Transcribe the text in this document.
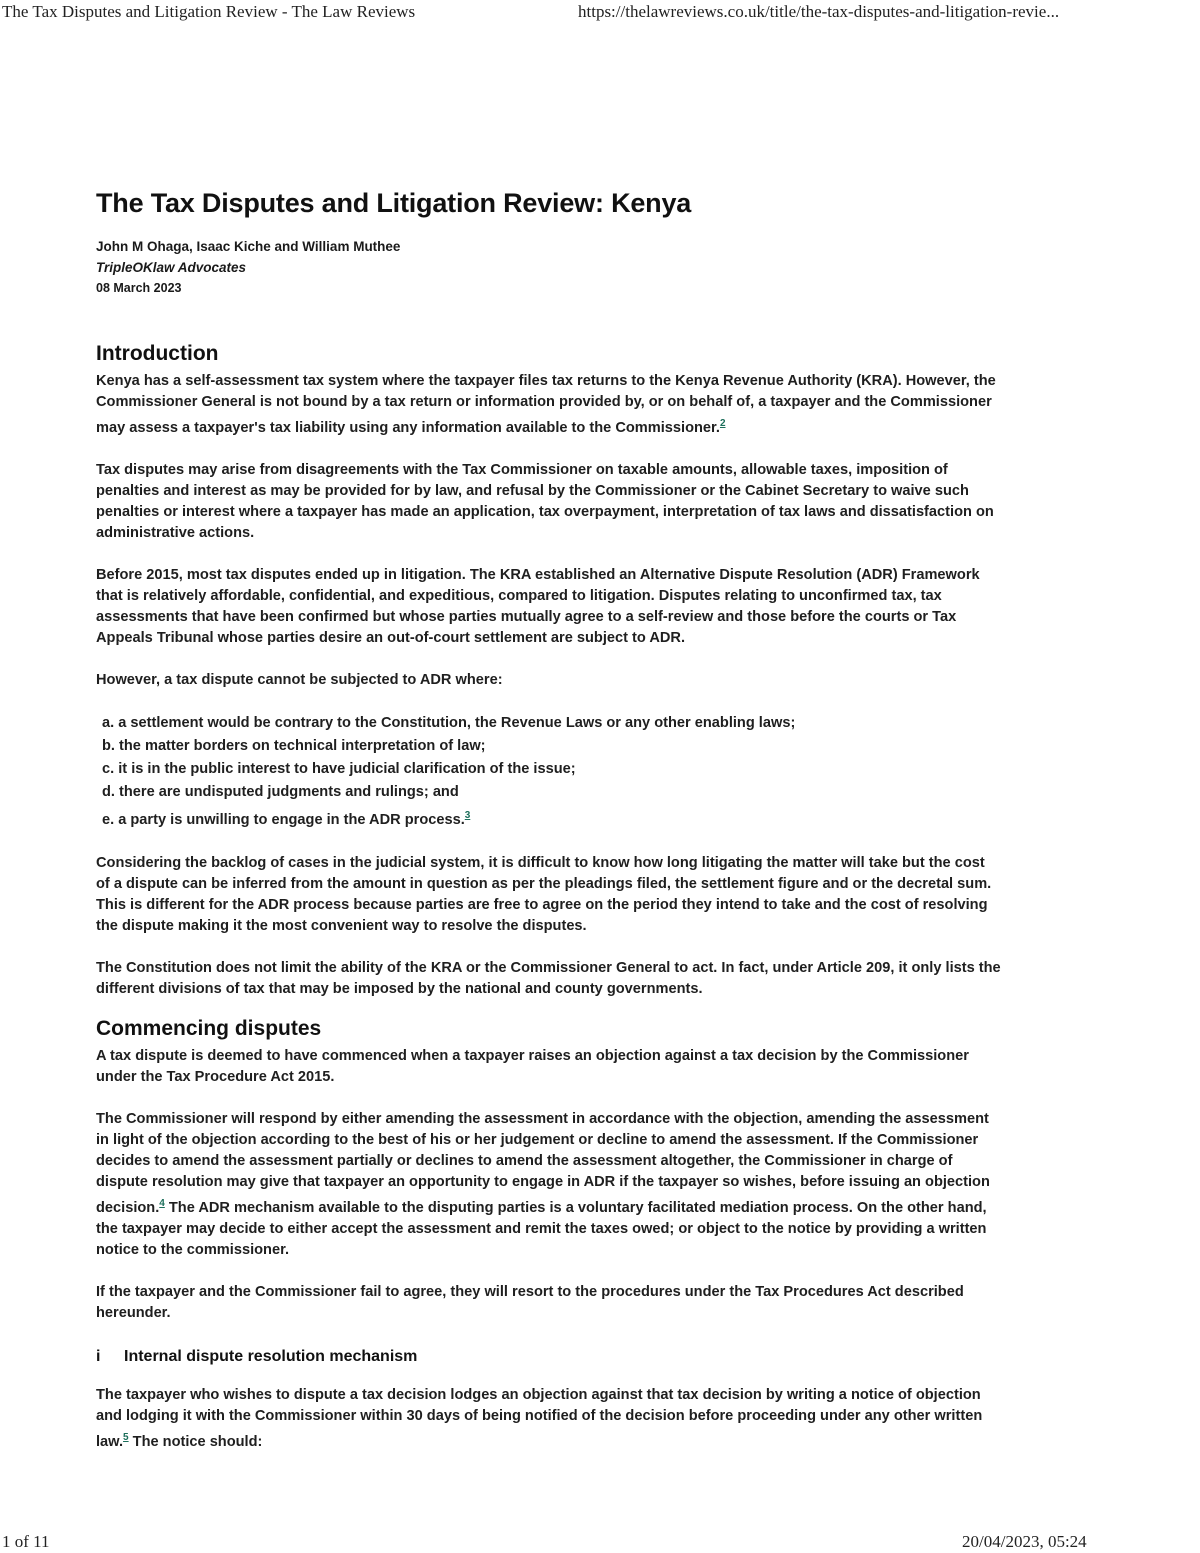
The Tax Disputes and Litigation Review - The Law Reviews	https://thelawreviews.co.uk/title/the-tax-disputes-and-litigation-revie...
The Tax Disputes and Litigation Review: Kenya
John M Ohaga, Isaac Kiche and William Muthee
TripleOKlaw Advocates
08 March 2023
Introduction

Kenya has a self-assessment tax system where the taxpayer files tax returns to the Kenya Revenue Authority (KRA). However, the Commissioner General is not bound by a tax return or information provided by, or on behalf of, a taxpayer and the Commissioner may assess a taxpayer's tax liability using any information available to the Commissioner.$^2$

Tax disputes may arise from disagreements with the Tax Commissioner on taxable amounts, allowable taxes, imposition of penalties and interest as may be provided for by law, and refusal by the Commissioner or the Cabinet Secretary to waive such penalties or interest where a taxpayer has made an application, tax overpayment, interpretation of tax laws and dissatisfaction on administrative actions.

Before 2015, most tax disputes ended up in litigation. The KRA established an Alternative Dispute Resolution (ADR) Framework that is relatively affordable, confidential, and expeditious, compared to litigation. Disputes relating to unconfirmed tax, tax assessments that have been confirmed but whose parties mutually agree to a self-review and those before the courts or Tax Appeals Tribunal whose parties desire an out-of-court settlement are subject to ADR.

However, a tax dispute cannot be subjected to ADR where:

a. a settlement would be contrary to the Constitution, the Revenue Laws or any other enabling laws;
b. the matter borders on technical interpretation of law;
c. it is in the public interest to have judicial clarification of the issue;
d. there are undisputed judgments and rulings; and
e. a party is unwilling to engage in the ADR process.$^3$

Considering the backlog of cases in the judicial system, it is difficult to know how long litigating the matter will take but the cost of a dispute can be inferred from the amount in question as per the pleadings filed, the settlement figure and or the decretal sum. This is different for the ADR process because parties are free to agree on the period they intend to take and the cost of resolving the dispute making it the most convenient way to resolve the disputes.

The Constitution does not limit the ability of the KRA or the Commissioner General to act. In fact, under Article 209, it only lists the different divisions of tax that may be imposed by the national and county governments.

Commencing disputes

A tax dispute is deemed to have commenced when a taxpayer raises an objection against a tax decision by the Commissioner under the Tax Procedure Act 2015.

The Commissioner will respond by either amending the assessment in accordance with the objection, amending the assessment in light of the objection according to the best of his or her judgement or decline to amend the assessment. If the Commissioner decides to amend the assessment partially or declines to amend the assessment altogether, the Commissioner in charge of dispute resolution may give that taxpayer an opportunity to engage in ADR if the taxpayer so wishes, before issuing an objection decision.$^4$ The ADR mechanism available to the disputing parties is a voluntary facilitated mediation process. On the other hand, the taxpayer may decide to either accept the assessment and remit the taxes owed; or object to the notice by providing a written notice to the commissioner.

If the taxpayer and the Commissioner fail to agree, they will resort to the procedures under the Tax Procedures Act described hereunder.

i Internal dispute resolution mechanism

The taxpayer who wishes to dispute a tax decision lodges an objection against that tax decision by writing a notice of objection and lodging it with the Commissioner within 30 days of being notified of the decision before proceeding under any other written law.$^5$ The notice should:

1 of 11	20/04/2023, 05:24
